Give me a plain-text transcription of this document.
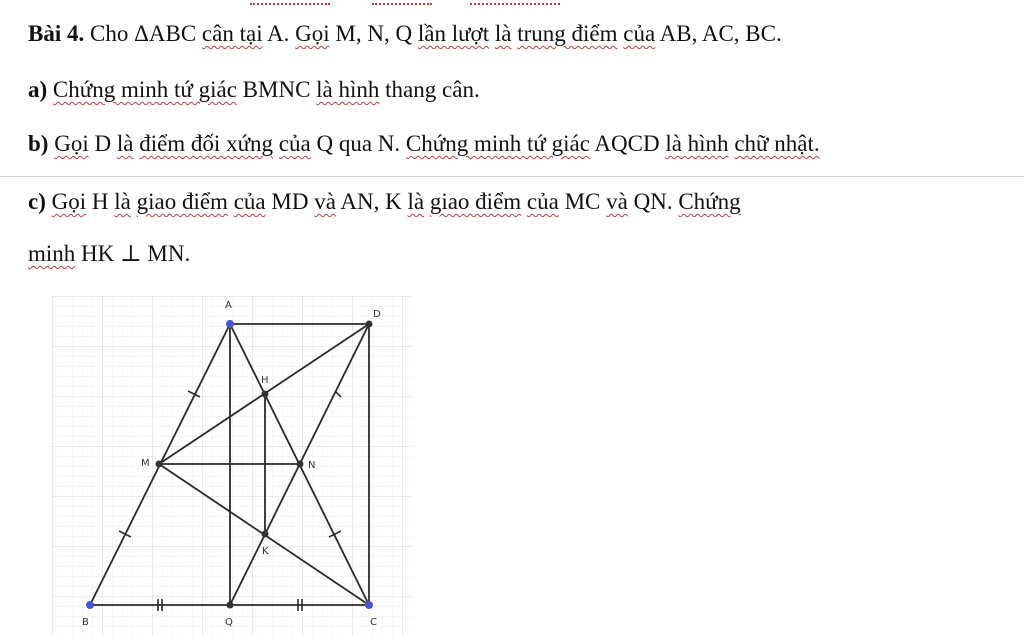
Bài 4. Cho ΔABC cân tại A. Gọi M, N, Q lần lượt là trung điểm của AB, AC, BC.
a) Chứng minh tứ giác BMNC là hình thang cân.
b) Gọi D là điểm đối xứng của Q qua N. Chứng minh tứ giác AQCD là hình chữ nhật.
c) Gọi H là giao điểm của MD và AN, K là giao điểm của MC và QN. Chứng
minh HK ⊥ MN.
A
B	C
D
M	N
Q
H
K
